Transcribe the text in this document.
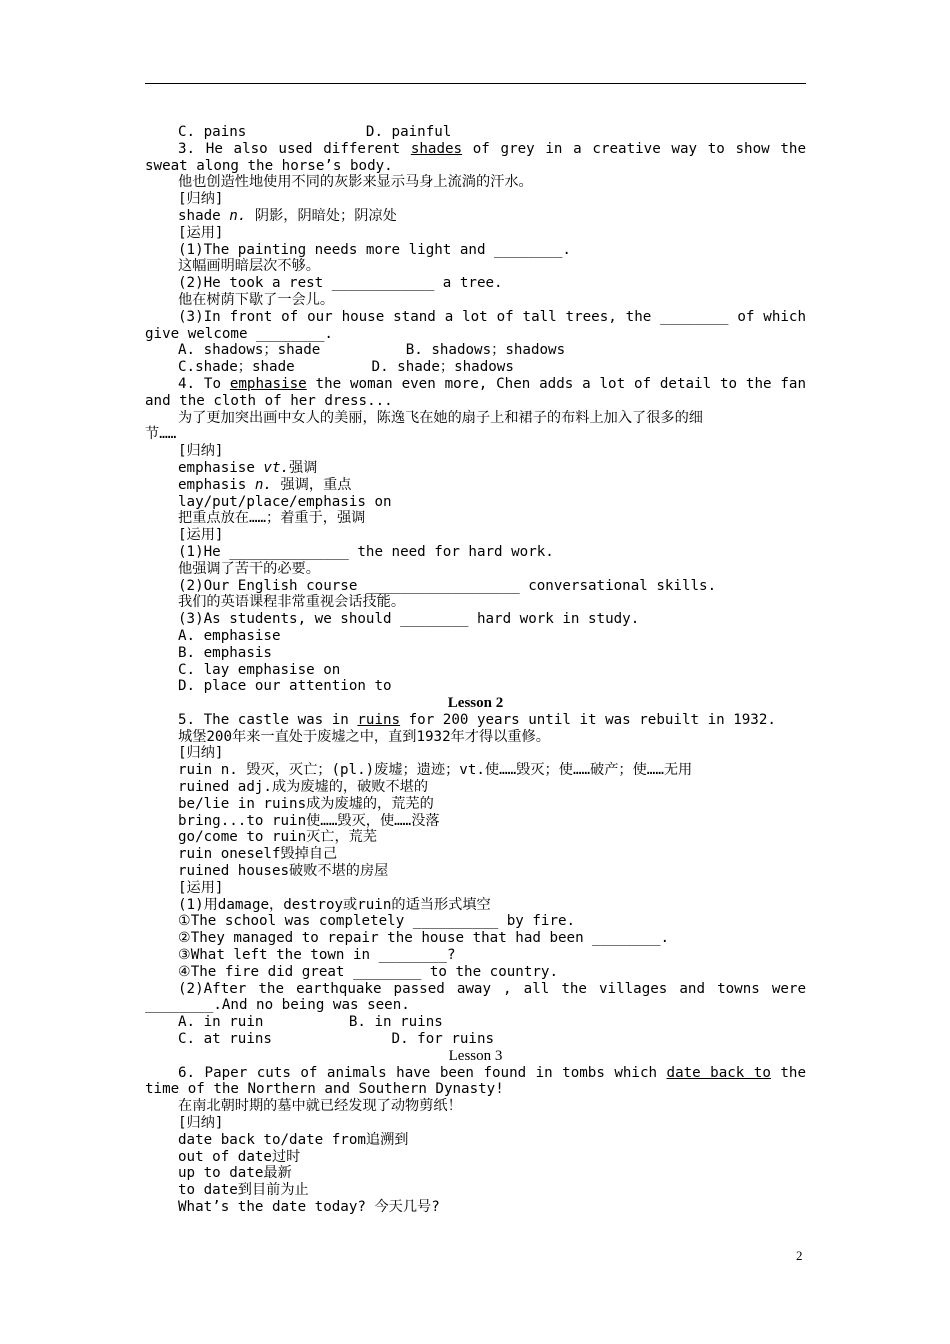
C. pains              D. painful
3. He also used different shades of grey in a creative way to show the
sweat along the horse’s body.
他也创造性地使用不同的灰影来显示马身上流淌的汗水。
[归纳]
shade n. 阴影，阴暗处；阴凉处
[运用]
(1)The painting needs more light and ________.
这幅画明暗层次不够。
(2)He took a rest ____________ a tree.
他在树荫下歇了一会儿。
(3)In front of our house stand a lot of tall trees, the ________ of which
give welcome ________.
A. shadows；shade          B. shadows；shadows
C.shade；shade         D. shade；shadows
4. To emphasise the woman even more, Chen adds a lot of detail to the fan
and the cloth of her dress...
为了更加突出画中女人的美丽，陈逸飞在她的扇子上和裙子的布料上加入了很多的细
节……
[归纳]
emphasise vt.强调
emphasis n. 强调，重点
lay/put/place/emphasis on
把重点放在……；着重于，强调
[运用]
(1)He ______________ the need for hard work.
他强调了苦干的必要。
(2)Our English course __________________ conversational skills.
我们的英语课程非常重视会话技能。
(3)As students, we should ________ hard work in study.
A. emphasise
B. emphasis
C. lay emphasise on
D. place our attention to
Lesson 2
5. The castle was in ruins for 200 years until it was rebuilt in 1932.
城堡200年来一直处于废墟之中，直到1932年才得以重修。
[归纳]
ruin n. 毁灭，灭亡；(pl.)废墟；遗迹；vt.使……毁灭；使……破产；使……无用
ruined adj.成为废墟的，破败不堪的
be/lie in ruins成为废墟的，荒芜的
bring...to ruin使……毁灭，使……没落
go/come to ruin灭亡，荒芜
ruin oneself毁掉自己
ruined houses破败不堪的房屋
[运用]
(1)用damage，destroy或ruin的适当形式填空
①The school was completely __________ by fire.
②They managed to repair the house that had been ________.
③What left the town in ________?
④The fire did great ________ to the country.
(2)After the earthquake passed away , all the villages and towns were
________.And no being was seen.
A. in ruin          B. in ruins
C. at ruins              D. for ruins
Lesson 3
6. Paper cuts of animals have been found in tombs which date back to the
time of the Northern and Southern Dynasty!
在南北朝时期的墓中就已经发现了动物剪纸！
[归纳]
date back to/date from追溯到
out of date过时
up to date最新
to date到目前为止
What’s the date today? 今天几号?
2
